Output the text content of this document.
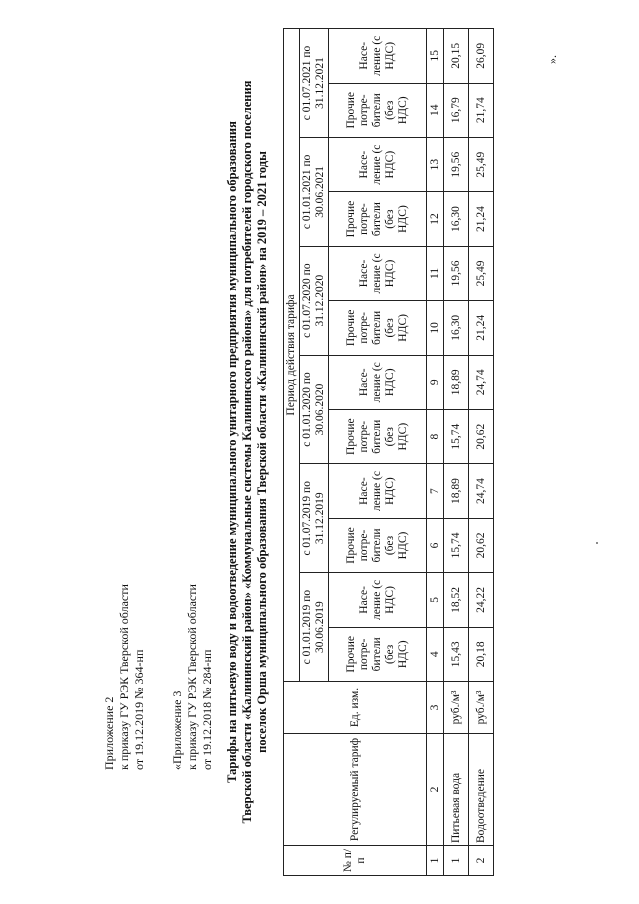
Приложение 2 к приказу ГУ РЭК Тверской области от 19.12.2019 № 364-нп «Приложение 3 к приказу ГУ РЭК Тверской области от 19.12.2018 № 284-нп Тарифы на питьевую воду и водоотведение муниципального унитарного предприятия муниципального образования Тверской области «Калининский район» «Коммунальные системы Калининского района» для потребителей городского поселения поселок Орша муниципального образования Тверской области «Калининский район» на 2019 – 2021 годы
№ п/п	Регулируемый тариф	Ед. изм.	Период действия тарифа											
			с 01.01.2019 по 30.06.2019		с 01.07.2019 по 31.12.2019		с 01.01.2020 по 30.06.2020		с 01.07.2020 по 31.12.2020		с 01.01.2021 по 30.06.2021		с 01.07.2021 по 31.12.2021	
			Прочие потре- бители (без НДС)	Насе- ление (с НДС)	Прочие потре- бители (без НДС)	Насе- ление (с НДС)	Прочие потре- бители (без НДС)	Насе- ление (с НДС)	Прочие потре- бители (без НДС)	Насе- ление (с НДС)	Прочие потре- бители (без НДС)	Насе- ление (с НДС)	Прочие потре- бители (без НДС)	Насе- ление (с НДС)
1	2	3	4	5	6	7	8	9	10	11	12	13	14	15
1	Питьевая вода	руб./м³	15,43	18,52	15,74	18,89	15,74	18,89	16,30	19,56	16,30	19,56	16,79	20,15
2	Водоотведение	руб./м³	20,18	24,22	20,62	24,74	20,62	24,74	21,24	25,49	21,24	25,49	21,74	26,09	».
